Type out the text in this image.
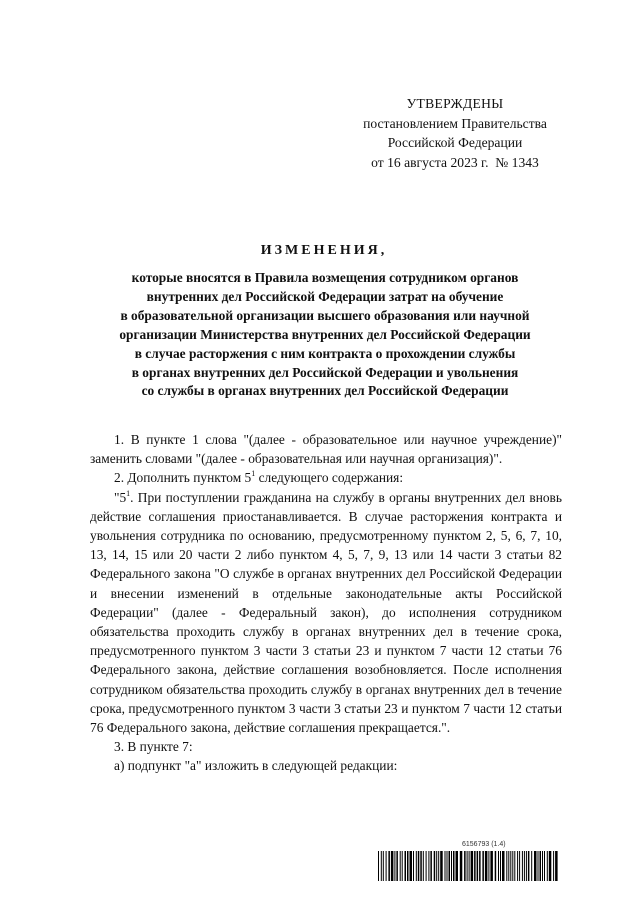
УТВЕРЖДЕНЫ
постановлением Правительства
Российской Федерации
от 16 августа 2023 г.  № 1343
ИЗМЕНЕНИЯ,
которые вносятся в Правила возмещения сотрудником органов
внутренних дел Российской Федерации затрат на обучение
в образовательной организации высшего образования или научной
организации Министерства внутренних дел Российской Федерации
в случае расторжения с ним контракта о прохождении службы
в органах внутренних дел Российской Федерации и увольнения
со службы в органах внутренних дел Российской Федерации

1. В пункте 1 слова "(далее - образовательное или научное учреждение)" заменить словами "(далее - образовательная или научная организация)".

2. Дополнить пунктом $5^1$ следующего содержания:

"$5^1$. При поступлении гражданина на службу в органы внутренних дел вновь действие соглашения приостанавливается. В случае расторжения контракта и увольнения сотрудника по основанию, предусмотренному пунктом 2, 5, 6, 7, 10, 13, 14, 15 или 20 части 2 либо пунктом 4, 5, 7, 9, 13 или 14 части 3 статьи 82 Федерального закона "О службе в органах внутренних дел Российской Федерации и внесении изменений в отдельные законодательные акты Российской Федерации" (далее - Федеральный закон), до исполнения сотрудником обязательства проходить службу в органах внутренних дел в течение срока, предусмотренного пунктом 3 части 3 статьи 23 и пунктом 7 части 12 статьи 76 Федерального закона, действие соглашения возобновляется. После исполнения сотрудником обязательства проходить службу в органах внутренних дел в течение срока, предусмотренного пунктом 3 части 3 статьи 23 и пунктом 7 части 12 статьи 76 Федерального закона, действие соглашения прекращается.".

3. В пункте 7:

а) подпункт "а" изложить в следующей редакции:

6156793 (1.4)
